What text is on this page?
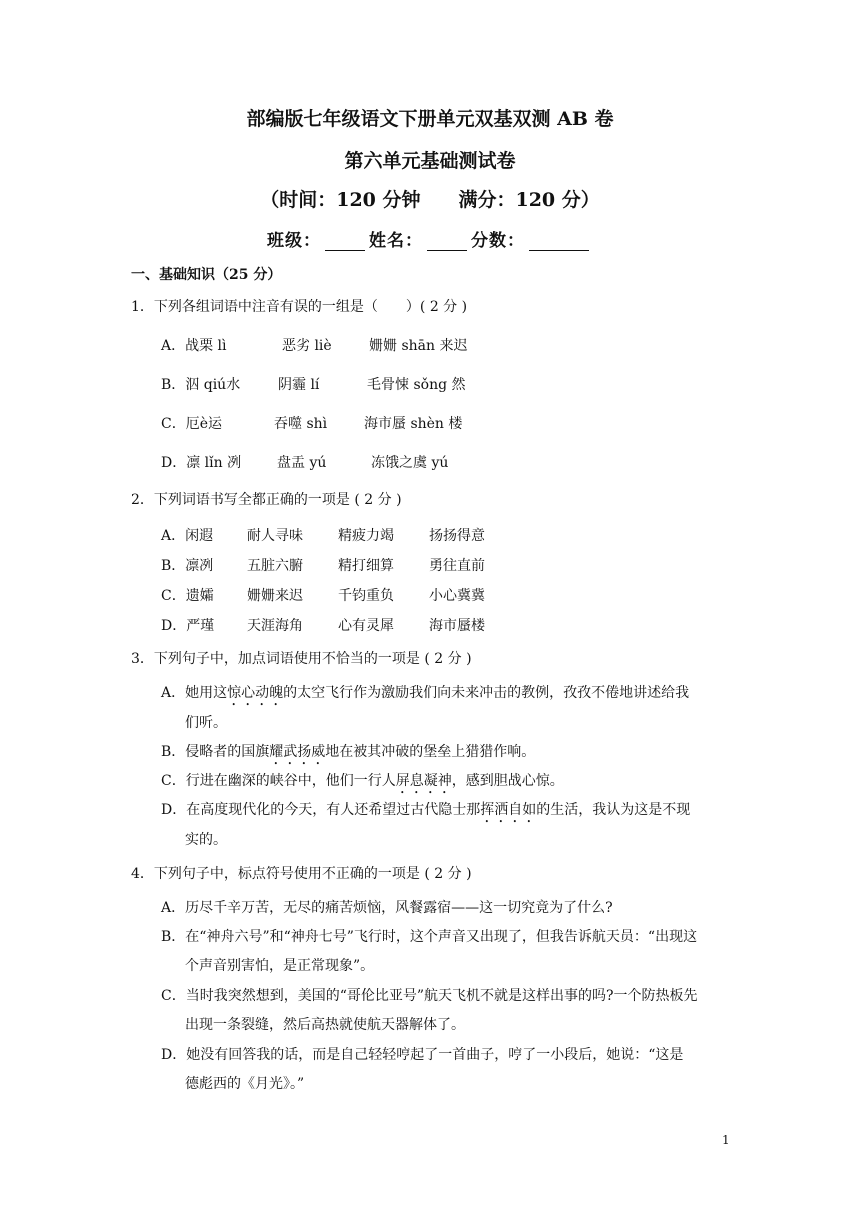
部编版七年级语文下册单元双基双测 AB 卷
第六单元基础测试卷
（时间：120 分钟　　满分：120 分）
班级：	姓名：	分数：
一、基础知识（25 分）
1．下列各组词语中注音有误的一组是（　　）( 2 分 )
A．战栗 lì	恶劣 liè	姗姗 shān 来迟
B．泅 qiú水	阴霾 lí	毛骨悚 sǒng 然
C．厄è运	吞噬 shì	海市蜃 shèn 楼
D．凛 lǐn 冽	盘盂 yú	冻饿之虞 yú
2．下列词语书写全都正确的一项是 ( 2 分 )
A．闲遐 耐人寻味	精疲力竭	扬扬得意
B．凛冽 五脏六腑	精打细算	勇往直前
C．遗孀 姗姗来迟	千钧重负	小心冀冀
D．严瑾 天涯海角	心有灵犀	海市蜃楼
3．下列句子中，加点词语使用不恰当的一项是 ( 2 分 )
A．她用这惊心动魄的太空飞行作为激励我们向未来冲击的教例，孜孜不倦地讲述给我
们听。
B．侵略者的国旗耀武扬威地在被其冲破的堡垒上猎猎作响。
C．行进在幽深的峡谷中，他们一行人屏息凝神，感到胆战心惊。
D．在高度现代化的今天，有人还希望过古代隐士那挥洒自如的生活，我认为这是不现
实的。
4．下列句子中，标点符号使用不正确的一项是 ( 2 分 )
A．历尽千辛万苦，无尽的痛苦烦恼，风餐露宿——这一切究竟为了什么?
B．在“神舟六号”和“神舟七号”飞行时，这个声音又出现了，但我告诉航天员：“出现这
个声音别害怕，是正常现象”。
C．当时我突然想到，美国的“哥伦比亚号”航天飞机不就是这样出事的吗?一个防热板先
出现一条裂缝，然后高热就使航天器解体了。
D．她没有回答我的话，而是自己轻轻哼起了一首曲子，哼了一小段后，她说：“这是
德彪西的《月光》。”
1
